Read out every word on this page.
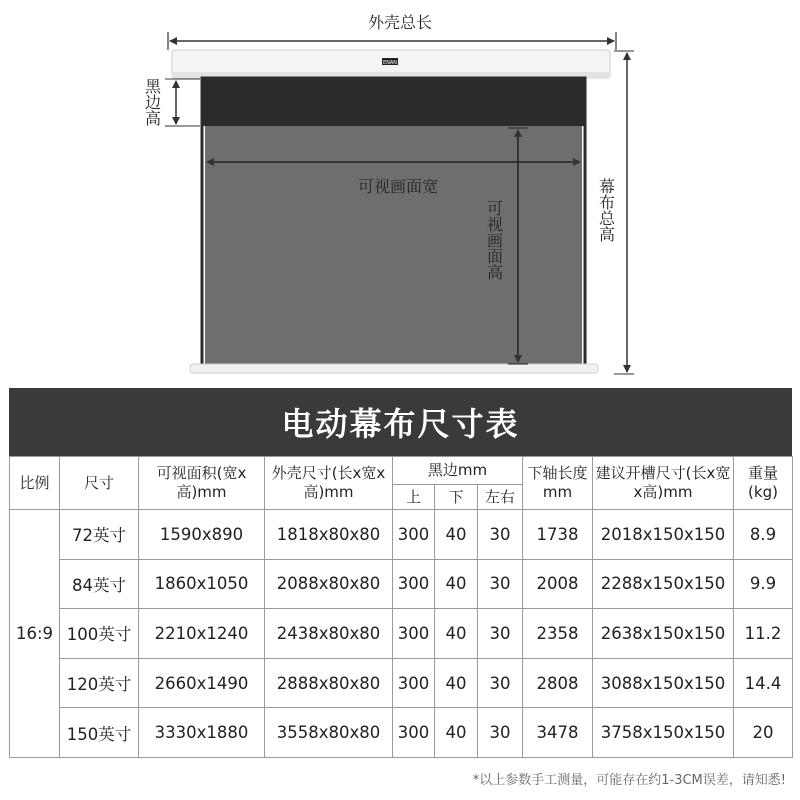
ENAN
外壳总长
黑边高
可视画面宽
可视画面高	幕布总高
电动幕布尺寸表
比例	尺寸	可视面积(宽x高)mm	外壳尺寸(长x宽x高)mm	黑边mm			下轴长度mm	建议开槽尺寸(长x宽x高)mm	重量(kg)
				上	下	左右			
16:9	72英寸	1590x890	1818x80x80	300	40	30	1738	2018x150x150	8.9
	84英寸	1860x1050	2088x80x80	300	40	30	2008	2288x150x150	9.9
	100英寸	2210x1240	2438x80x80	300	40	30	2358	2638x150x150	11.2
	120英寸	2660x1490	2888x80x80	300	40	30	2808	3088x150x150	14.4
	150英寸	3330x1880	3558x80x80	300	40	30	3478	3758x150x150	20
*以上参数手工测量，可能存在约1-3CM误差，请知悉!
